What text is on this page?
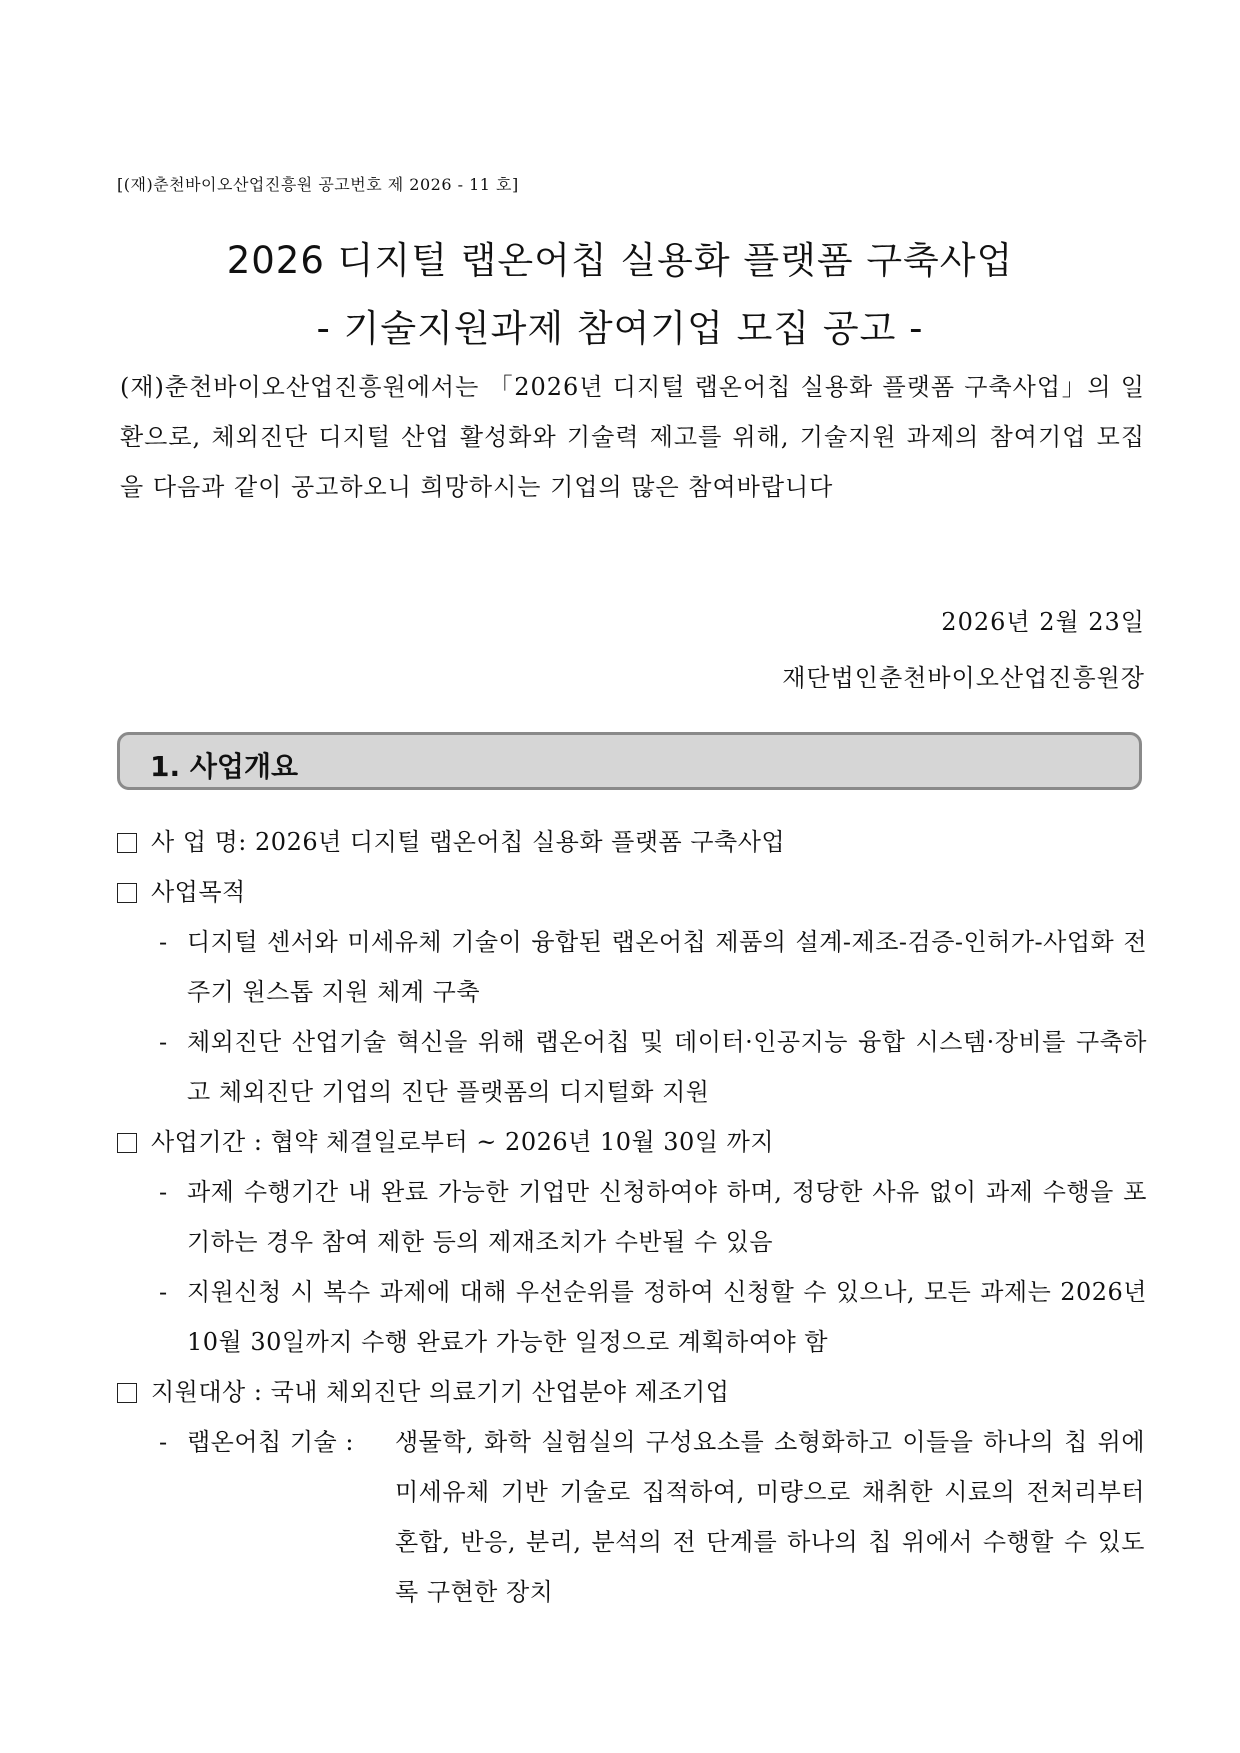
[(재)춘천바이오산업진흥원 공고번호 제 2026 - 11 호]
2026 디지털 랩온어칩 실용화 플랫폼 구축사업
- 기술지원과제 참여기업 모집 공고 -

(재)춘천바이오산업진흥원에서는 「2026년 디지털 랩온어칩 실용화 플랫폼 구축사업」의 일환으로, 체외진단 디지털 산업 활성화와 기술력 제고를 위해, 기술지원 과제의 참여기업 모집을 다음과 같이 공고하오니 희망하시는 기업의 많은 참여바랍니다

2026년 2월 23일
재단법인춘천바이오산업진흥원장
1. 사업개요
사 업 명: 2026년 디지털 랩온어칩 실용화 플랫폼 구축사업
사업목적
- 디지털 센서와 미세유체 기술이 융합된 랩온어칩 제품의 설계-제조-검증-인허가-사업화 전주기 원스톱 지원 체계 구축
- 체외진단 산업기술 혁신을 위해 랩온어칩 및 데이터·인공지능 융합 시스템·장비를 구축하고 체외진단 기업의 진단 플랫폼의 디지털화 지원
사업기간 : 협약 체결일로부터 ~ 2026년 10월 30일 까지
- 과제 수행기간 내 완료 가능한 기업만 신청하여야 하며, 정당한 사유 없이 과제 수행을 포기하는 경우 참여 제한 등의 제재조치가 수반될 수 있음
- 지원신청 시 복수 과제에 대해 우선순위를 정하여 신청할 수 있으나, 모든 과제는 2026년 10월 30일까지 수행 완료가 가능한 일정으로 계획하여야 함
지원대상 : 국내 체외진단 의료기기 산업분야 제조기업
- 랩온어칩 기술 : 생물학, 화학 실험실의 구성요소를 소형화하고 이들을 하나의 칩 위에 미세유체 기반 기술로 집적하여, 미량으로 채취한 시료의 전처리부터 혼합, 반응, 분리, 분석의 전 단계를 하나의 칩 위에서 수행할 수 있도록 구현한 장치
